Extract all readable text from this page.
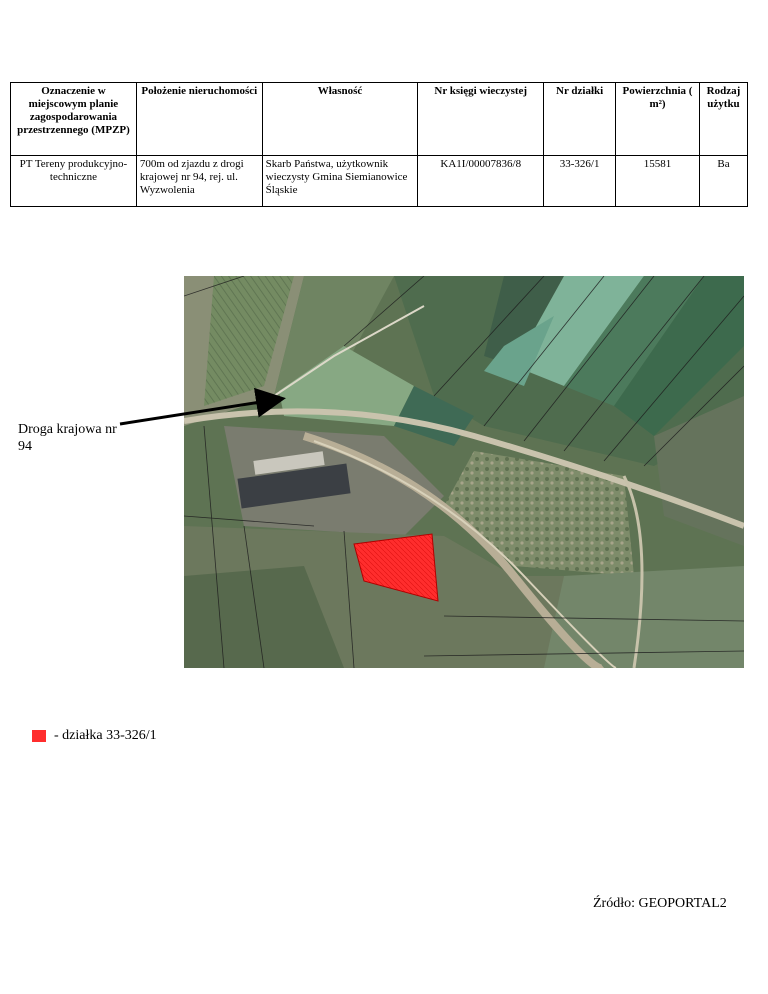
Oznaczenie w miejscowym planie zagospodarowania przestrzennego (MPZP)	Położenie nieruchomości	Własność	Nr księgi wieczystej	Nr działki	Powierzchnia ( m²)	Rodzaj użytku
PT Tereny produkcyjno-techniczne	700m od zjazdu z drogi krajowej nr 94, rej. ul. Wyzwolenia	Skarb Państwa, użytkownik wieczysty Gmina Siemianowice Śląskie	KA1I/00007836/8	33-326/1	15581	Ba
Droga krajowa nr 94
- działka 33-326/1
Źródło: GEOPORTAL2
